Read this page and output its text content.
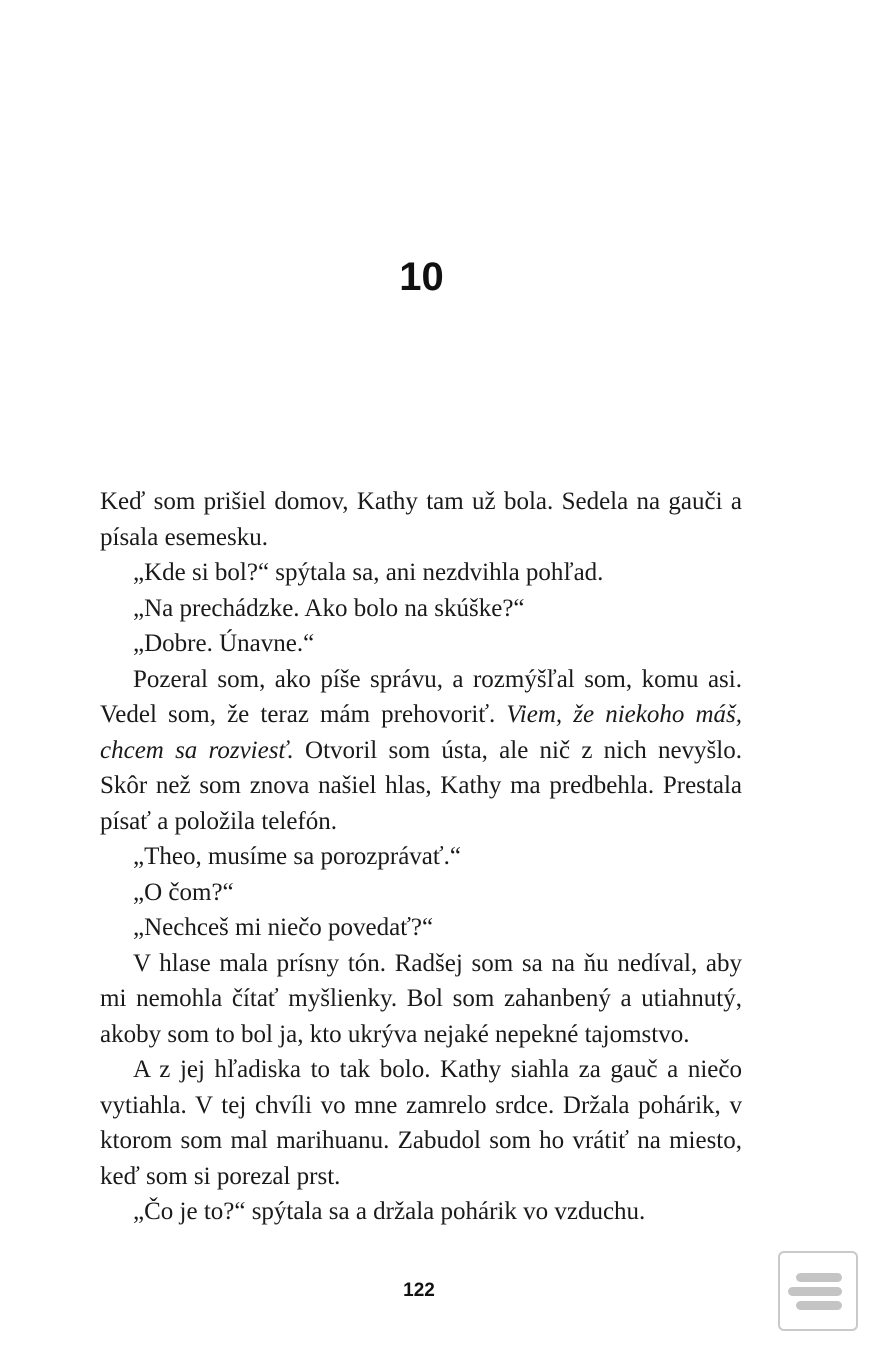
10

Keď som prišiel domov, Kathy tam už bola. Sedela na gauči a písala esemesku.

„Kde si bol?“ spýtala sa, ani nezdvihla pohľad.

„Na prechádzke. Ako bolo na skúške?“

„Dobre. Únavne.“

Pozeral som, ako píše správu, a rozmýšľal som, komu asi. Vedel som, že teraz mám prehovoriť. Viem, že niekoho máš, chcem sa rozviesť. Otvoril som ústa, ale nič z nich nevyšlo. Skôr než som znova našiel hlas, Kathy ma predbehla. Prestala písať a položila telefón.

„Theo, musíme sa porozprávať.“

„O čom?“

„Nechceš mi niečo povedať?“

V hlase mala prísny tón. Radšej som sa na ňu nedíval, aby mi nemohla čítať myšlienky. Bol som zahanbený a utiahnutý, akoby som to bol ja, kto ukrýva nejaké nepekné tajomstvo.

A z jej hľadiska to tak bolo. Kathy siahla za gauč a niečo vytiahla. V tej chvíli vo mne zamrelo srdce. Držala pohárik, v ktorom som mal marihuanu. Zabudol som ho vrátiť na miesto, keď som si porezal prst.

„Čo je to?“ spýtala sa a držala pohárik vo vzduchu.

122
